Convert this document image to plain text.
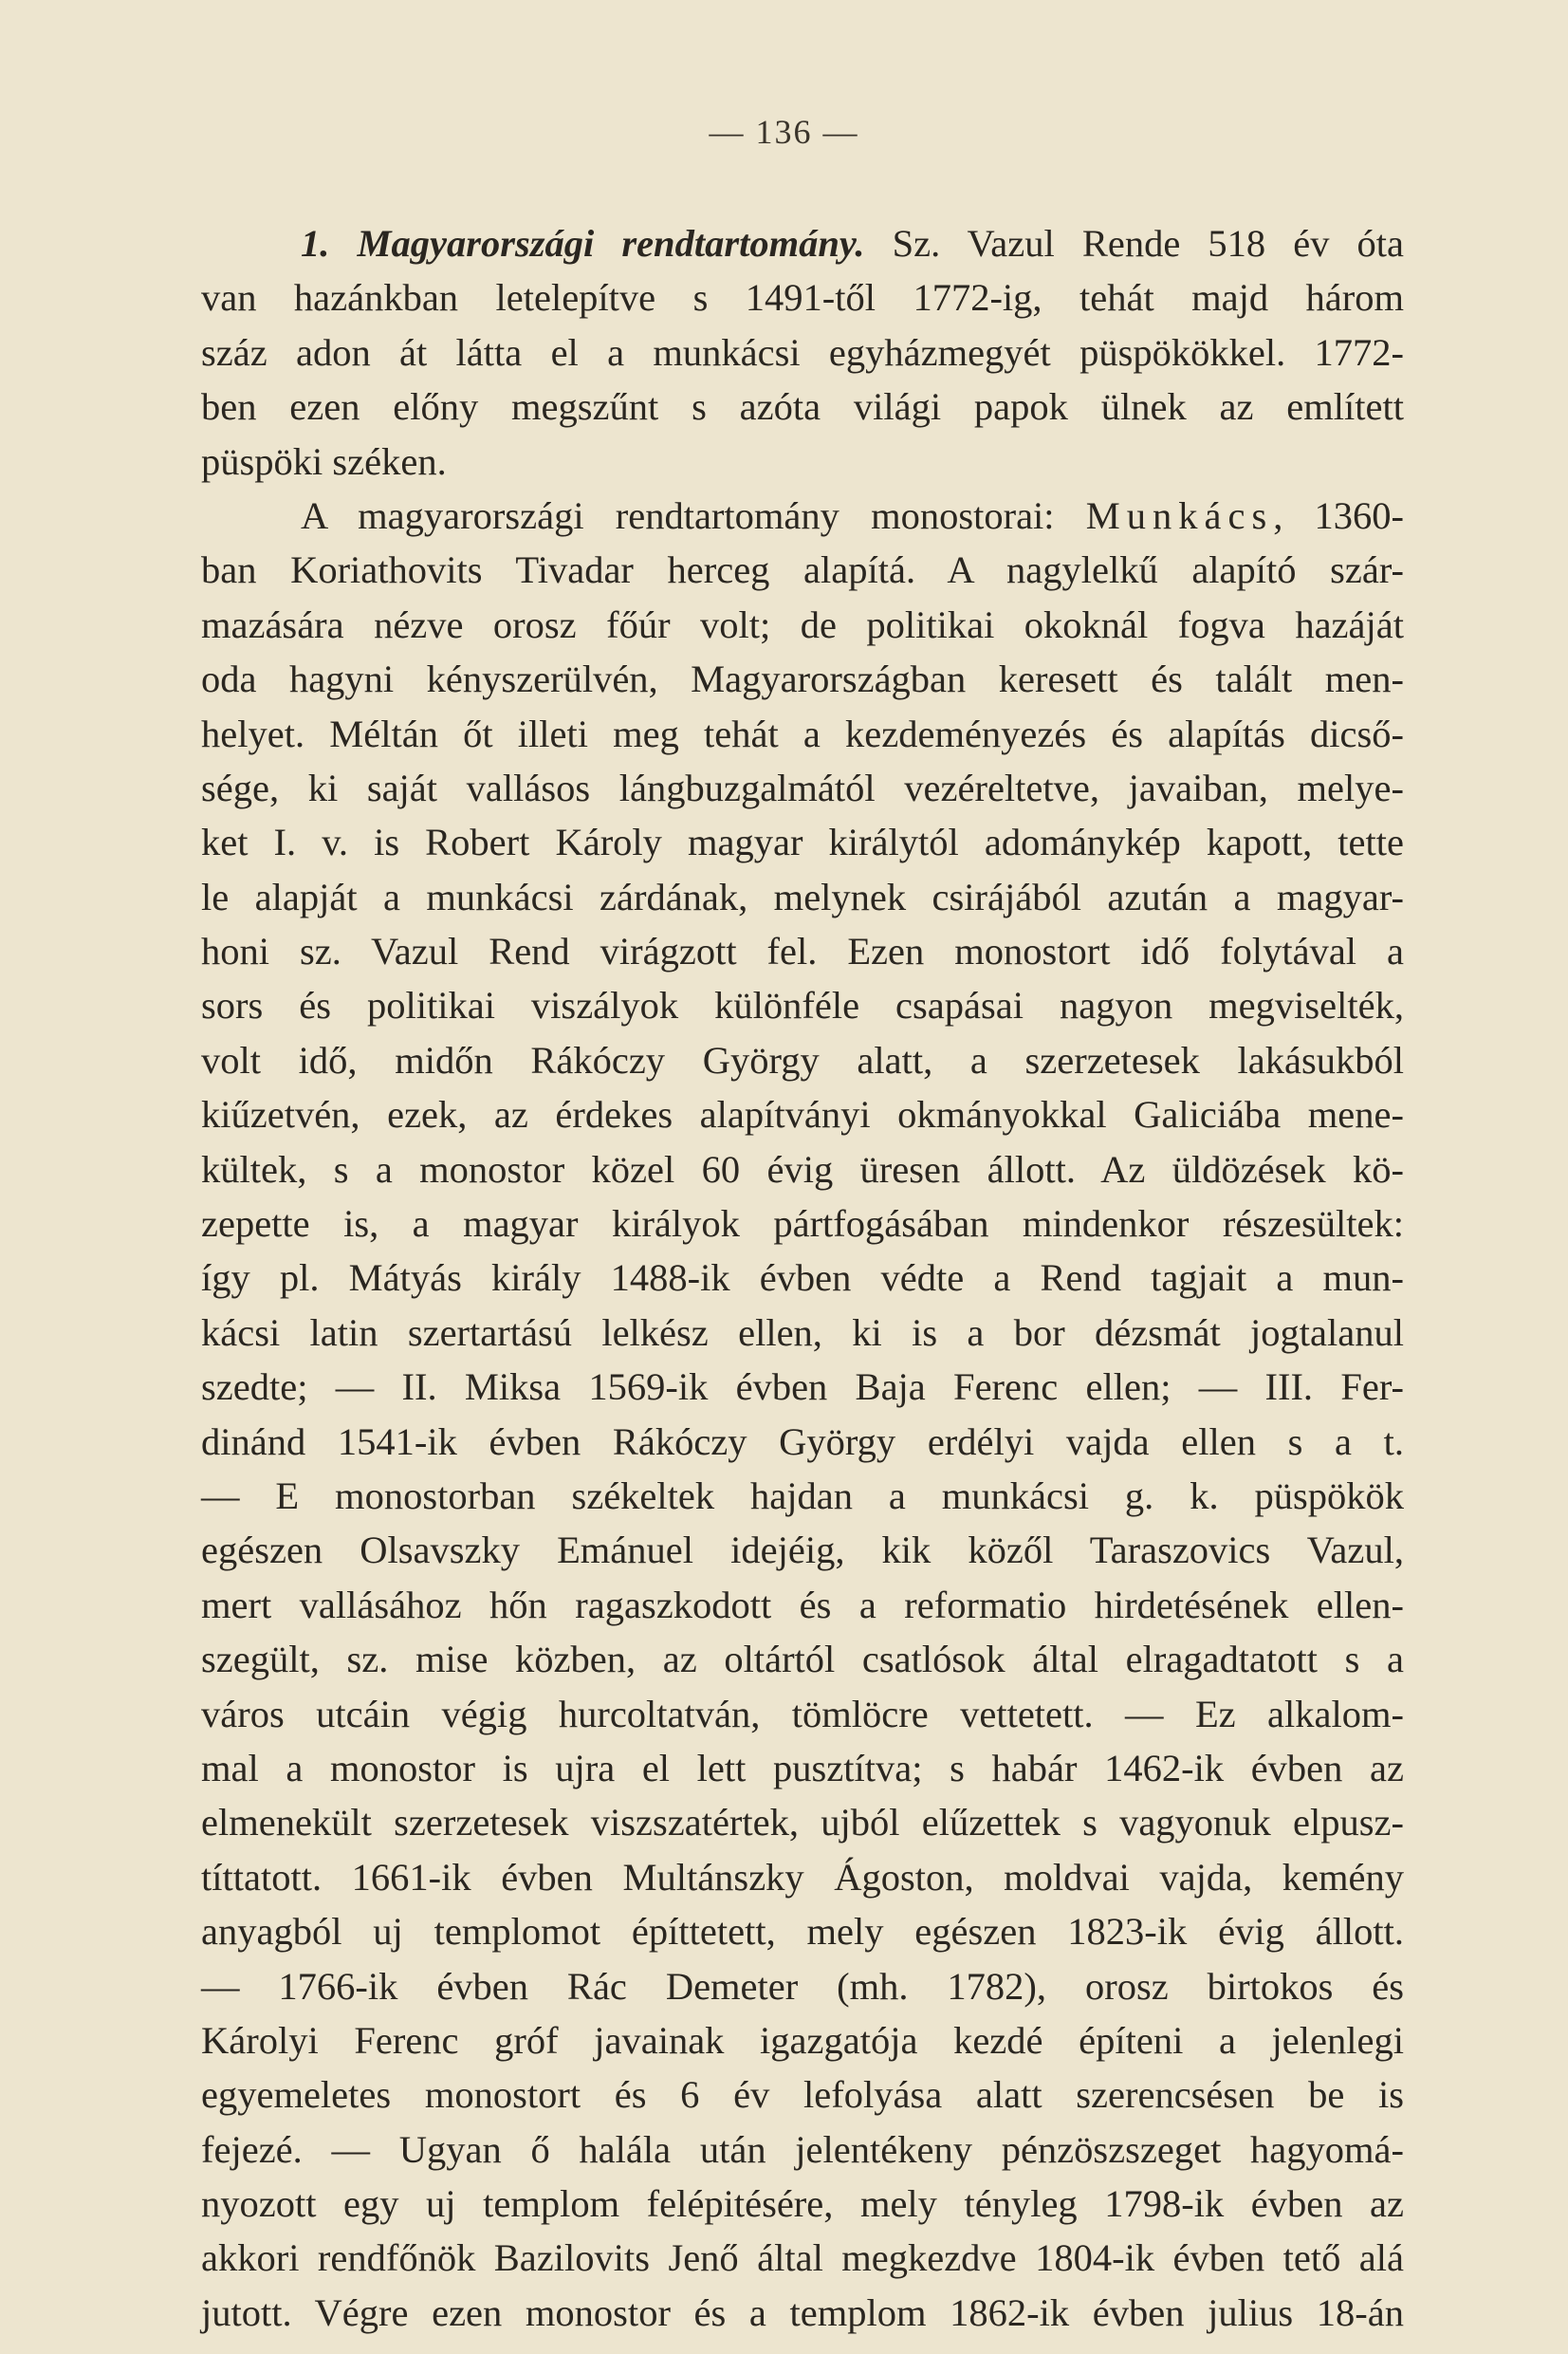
— 136 —
1. Magyarországi rendtartomány. Sz. Vazul Rende 518 év óta
van hazánkban letelepítve s 1491-től 1772-ig, tehát majd három
száz adon át látta el a munkácsi egyházmegyét püspökökkel. 1772-
ben ezen előny megszűnt s azóta világi papok ülnek az említett
püspöki széken.
A magyarországi rendtartomány monostorai: Munkács, 1360-
ban Koriathovits Tivadar herceg alapítá. A nagylelkű alapító szár-
mazására nézve orosz főúr volt; de politikai okoknál fogva hazáját
oda hagyni kényszerülvén, Magyarországban keresett és talált men-
helyet. Méltán őt illeti meg tehát a kezdeményezés és alapítás dicső-
sége, ki saját vallásos lángbuzgalmától vezéreltetve, javaiban, melye-
ket I. v. is Robert Károly magyar királytól adománykép kapott, tette
le alapját a munkácsi zárdának, melynek csirájából azután a magyar-
honi sz. Vazul Rend virágzott fel. Ezen monostort idő folytával a
sors és politikai viszályok különféle csapásai nagyon megviselték,
volt idő, midőn Rákóczy György alatt, a szerzetesek lakásukból
kiűzetvén, ezek, az érdekes alapítványi okmányokkal Galiciába mene-
kültek, s a monostor közel 60 évig üresen állott. Az üldözések kö-
zepette is, a magyar királyok pártfogásában mindenkor részesültek:
így pl. Mátyás király 1488-ik évben védte a Rend tagjait a mun-
kácsi latin szertartású lelkész ellen, ki is a bor dézsmát jogtalanul
szedte; — II. Miksa 1569-ik évben Baja Ferenc ellen; — III. Fer-
dinánd 1541-ik évben Rákóczy György erdélyi vajda ellen s a t.
— E monostorban székeltek hajdan a munkácsi g. k. püspökök
egészen Olsavszky Emánuel idejéig, kik közől Taraszovics Vazul,
mert vallásához hőn ragaszkodott és a reformatio hirdetésének ellen-
szegült, sz. mise közben, az oltártól csatlósok által elragadtatott s a
város utcáin végig hurcoltatván, tömlöcre vettetett. — Ez alkalom-
mal a monostor is ujra el lett pusztítva; s habár 1462-ik évben az
elmenekült szerzetesek viszszatértek, ujból elűzettek s vagyonuk elpusz-
títtatott. 1661-ik évben Multánszky Ágoston, moldvai vajda, kemény
anyagból uj templomot építtetett, mely egészen 1823-ik évig állott.
— 1766-ik évben Rác Demeter (mh. 1782), orosz birtokos és
Károlyi Ferenc gróf javainak igazgatója kezdé építeni a jelenlegi
egyemeletes monostort és 6 év lefolyása alatt szerencsésen be is
fejezé. — Ugyan ő halála után jelentékeny pénzöszszeget hagyomá-
nyozott egy uj templom felépitésére, mely tényleg 1798-ik évben az
akkori rendfőnök Bazilovits Jenő által megkezdve 1804-ik évben tető alá
jutott. Végre ezen monostor és a templom 1862-ik évben julius 18-án
